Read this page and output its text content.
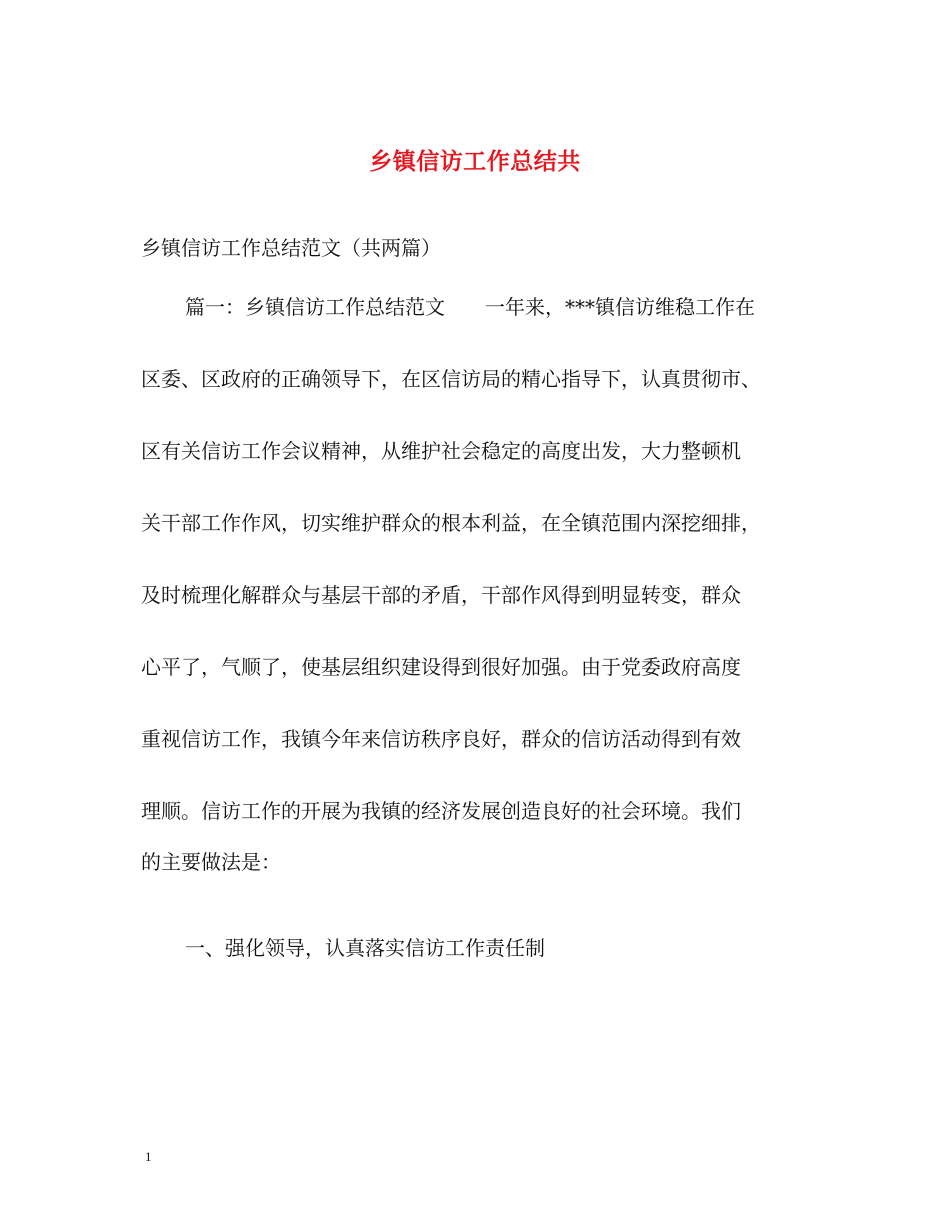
乡镇信访工作总结共
乡镇信访工作总结范文（共两篇）
篇一：乡镇信访工作总结范文　　一年来，***镇信访维稳工作在
区委、区政府的正确领导下，在区信访局的精心指导下，认真贯彻市、
区有关信访工作会议精神，从维护社会稳定的高度出发，大力整顿机
关干部工作作风，切实维护群众的根本利益，在全镇范围内深挖细排，
及时梳理化解群众与基层干部的矛盾，干部作风得到明显转变，群众
心平了，气顺了，使基层组织建设得到很好加强。由于党委政府高度
重视信访工作，我镇今年来信访秩序良好，群众的信访活动得到有效
理顺。信访工作的开展为我镇的经济发展创造良好的社会环境。我们
的主要做法是：
一、强化领导，认真落实信访工作责任制
1
